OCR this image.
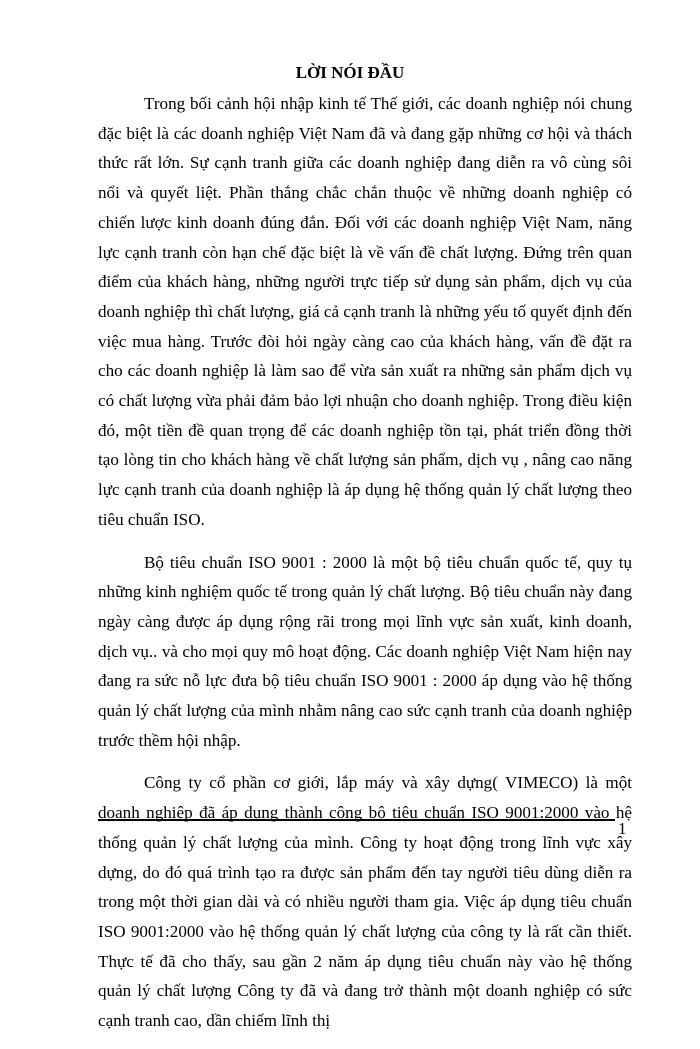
LỜI NÓI ĐẦU

Trong bối cảnh hội nhập kinh tế Thế giới, các doanh nghiệp nói chung đặc biệt là các doanh nghiệp Việt Nam đã và đang gặp những cơ hội và thách thức rất lớn. Sự cạnh tranh giữa các doanh nghiệp đang diễn ra vô cùng sôi nổi và quyết liệt. Phần thắng chắc chắn thuộc về những doanh nghiệp có chiến lược kinh doanh đúng đắn. Đối với các doanh nghiệp Việt Nam, năng lực cạnh tranh còn hạn chế đặc biệt là về vấn đề chất lượng. Đứng trên quan điểm của khách hàng, những người trực tiếp sử dụng sản phẩm, dịch vụ của doanh nghiệp thì chất lượng, giá cả cạnh tranh là những yếu tố quyết định đến việc mua hàng. Trước đòi hỏi ngày càng cao của khách hàng, vấn đề đặt ra cho các doanh nghiệp là làm sao để vừa sản xuất ra những sản phẩm dịch vụ có chất lượng vừa phải đảm bảo lợi nhuận cho doanh nghiệp. Trong điều kiện đó, một tiền đề quan trọng để các doanh nghiệp tồn tại, phát triển đồng thời tạo lòng tin cho khách hàng về chất lượng sản phẩm, dịch vụ , nâng cao năng lực cạnh tranh của doanh nghiệp là áp dụng hệ thống quản lý chất lượng theo tiêu chuẩn ISO.

Bộ tiêu chuẩn ISO 9001 : 2000 là một bộ tiêu chuẩn quốc tế, quy tụ những kinh nghiệm quốc tế trong quản lý chất lượng. Bộ tiêu chuẩn này đang ngày càng được áp dụng rộng rãi trong mọi lĩnh vực sản xuất, kinh doanh, dịch vụ.. và cho mọi quy mô hoạt động. Các doanh nghiệp Việt Nam hiện nay đang ra sức nỗ lực đưa bộ tiêu chuẩn ISO 9001 : 2000 áp dụng vào hệ thống quản lý chất lượng của mình nhằm nâng cao sức cạnh tranh của doanh nghiệp trước thềm hội nhập.

Công ty cổ phần cơ giới, lắp máy và xây dựng( VIMECO) là một doanh nghiệp đã áp dụng thành công bộ tiêu chuẩn ISO 9001:2000 vào hệ thống quản lý chất lượng của mình. Công ty hoạt động trong lĩnh vực xây dựng, do đó quá trình tạo ra được sản phẩm đến tay người tiêu dùng diễn ra trong một thời gian dài và có nhiều người tham gia. Việc áp dụng tiêu chuẩn ISO 9001:2000 vào hệ thống quản lý chất lượng của công ty là rất cần thiết. Thực tế đã cho thấy, sau gần 2 năm áp dụng tiêu chuẩn này vào hệ thống quản lý chất lượng Công ty đã và đang trở thành một doanh nghiệp có sức cạnh tranh cao, dần chiếm lĩnh thị

1
